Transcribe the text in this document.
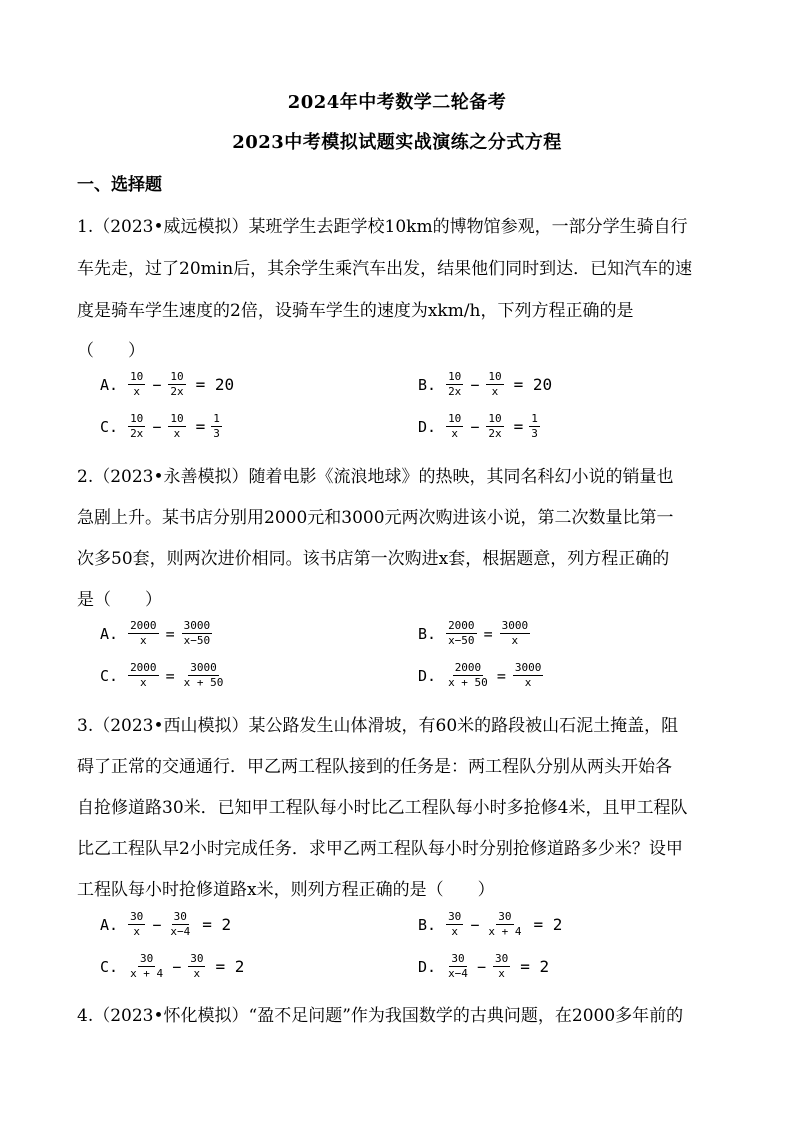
2024年中考数学二轮备考
2023中考模拟试题实战演练之分式方程
一、选择题
1.（2023•威远模拟）某班学生去距学校10km的博物馆参观，一部分学生骑自行
车先走，过了20min后，其余学生乘汽车出发，结果他们同时到达．已知汽车的速
度是骑车学生速度的2倍，设骑车学生的速度为xkm/h，下列方程正确的是
（　　）
A. $\frac{10}{x} - \frac{10}{2x} = 20$	B. $\frac{10}{2x} - \frac{10}{x} = 20$
C. $\frac{10}{2x} - \frac{10}{x} = \frac{1}{3}$	D. $\frac{10}{x} - \frac{10}{2x} = \frac{1}{3}$
2.（2023•永善模拟）随着电影《流浪地球》的热映，其同名科幻小说的销量也
急剧上升。某书店分别用2000元和3000元两次购进该小说，第二次数量比第一
次多50套，则两次进价相同。该书店第一次购进x套，根据题意，列方程正确的
是（　　）
A. $\frac{2000}{x} = \frac{3000}{x-50}$	B. $\frac{2000}{x-50} = \frac{3000}{x}$
C. $\frac{2000}{x} = \frac{3000}{x + 50}$	D. $\frac{2000}{x + 50} = \frac{3000}{x}$
3.（2023•西山模拟）某公路发生山体滑坡，有60米的路段被山石泥土掩盖，阻
碍了正常的交通通行．甲乙两工程队接到的任务是：两工程队分别从两头开始各
自抢修道路30米．已知甲工程队每小时比乙工程队每小时多抢修4米，且甲工程队
比乙工程队早2小时完成任务．求甲乙两工程队每小时分别抢修道路多少米？设甲
工程队每小时抢修道路x米，则列方程正确的是（　　）
A. $\frac{30}{x} - \frac{30}{x-4} = 2$	B. $\frac{30}{x} - \frac{30}{x + 4} = 2$
C. $\frac{30}{x + 4} - \frac{30}{x} = 2$	D. $\frac{30}{x-4} - \frac{30}{x} = 2$
4.（2023•怀化模拟）“盈不足问题”作为我国数学的古典问题，在2000多年前的
